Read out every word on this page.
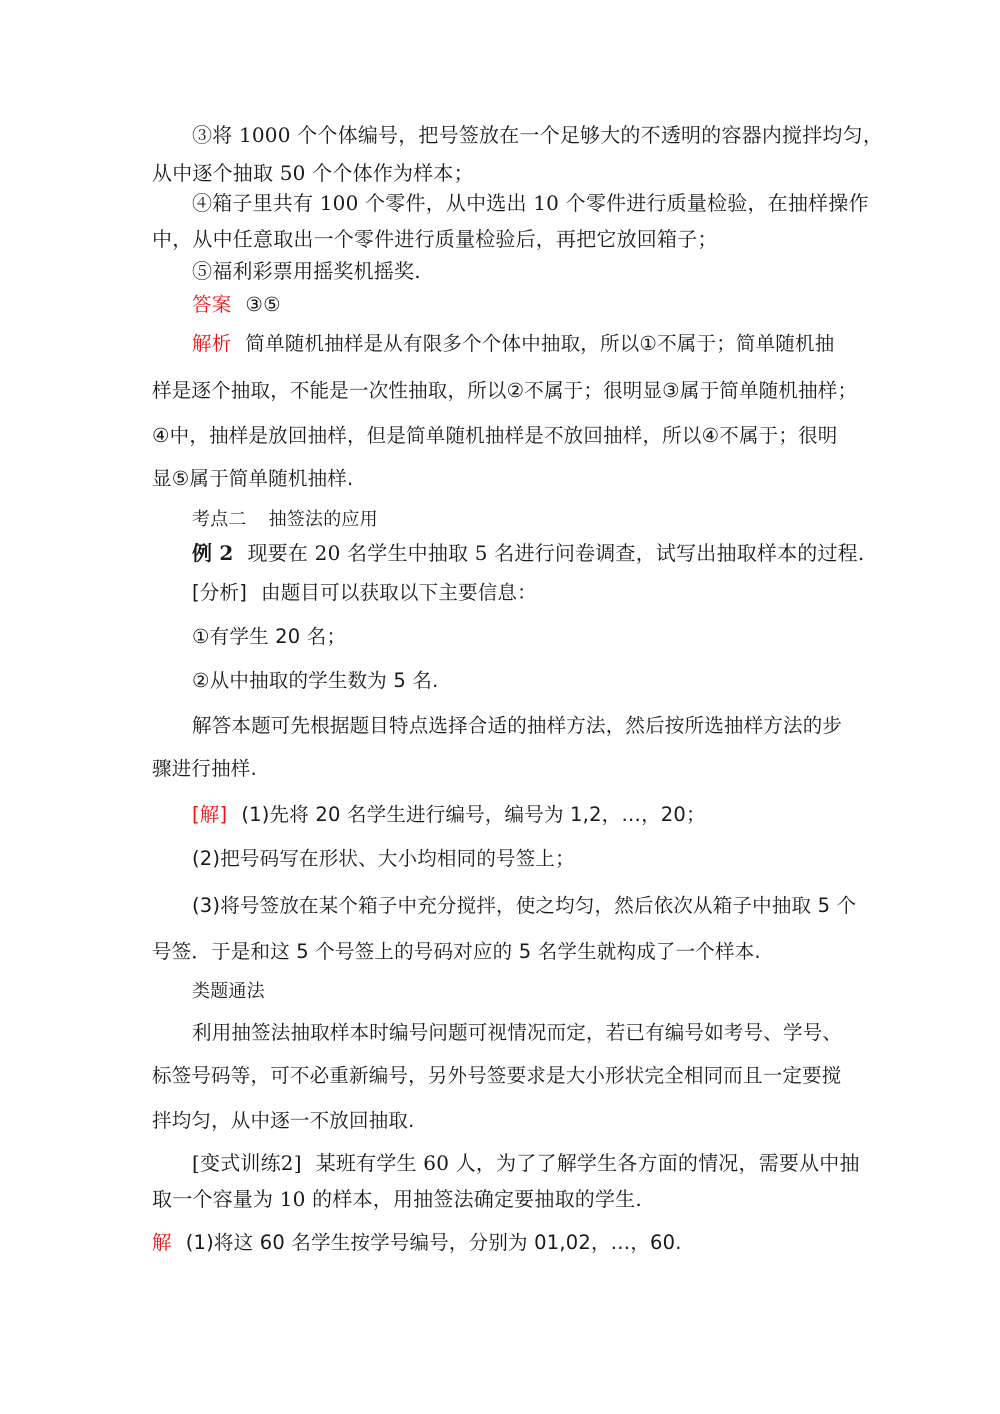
③将 1000 个个体编号，把号签放在一个足够大的不透明的容器内搅拌均匀，
从中逐个抽取 50 个个体作为样本；
④箱子里共有 100 个零件，从中选出 10 个零件进行质量检验，在抽样操作
中，从中任意取出一个零件进行质量检验后，再把它放回箱子；
⑤福利彩票用摇奖机摇奖.
答案 ③⑤
解析 简单随机抽样是从有限多个个体中抽取，所以①不属于；简单随机抽
样是逐个抽取，不能是一次性抽取，所以②不属于；很明显③属于简单随机抽样；
④中，抽样是放回抽样，但是简单随机抽样是不放回抽样，所以④不属于；很明
显⑤属于简单随机抽样.
考点二 抽签法的应用
例 2 现要在 20 名学生中抽取 5 名进行问卷调查，试写出抽取样本的过程.
[分析] 由题目可以获取以下主要信息：
①有学生 20 名；
②从中抽取的学生数为 5 名.
解答本题可先根据题目特点选择合适的抽样方法，然后按所选抽样方法的步
骤进行抽样.
[解] (1)先将 20 名学生进行编号，编号为 1,2，…，20；
(2)把号码写在形状、大小均相同的号签上；
(3)将号签放在某个箱子中充分搅拌，使之均匀，然后依次从箱子中抽取 5 个
号签．于是和这 5 个号签上的号码对应的 5 名学生就构成了一个样本.
类题通法
利用抽签法抽取样本时编号问题可视情况而定，若已有编号如考号、学号、
标签号码等，可不必重新编号，另外号签要求是大小形状完全相同而且一定要搅
拌均匀，从中逐一不放回抽取.
[变式训练2] 某班有学生 60 人，为了了解学生各方面的情况，需要从中抽
取一个容量为 10 的样本，用抽签法确定要抽取的学生.
解 (1)将这 60 名学生按学号编号，分别为 01,02，…，60.
